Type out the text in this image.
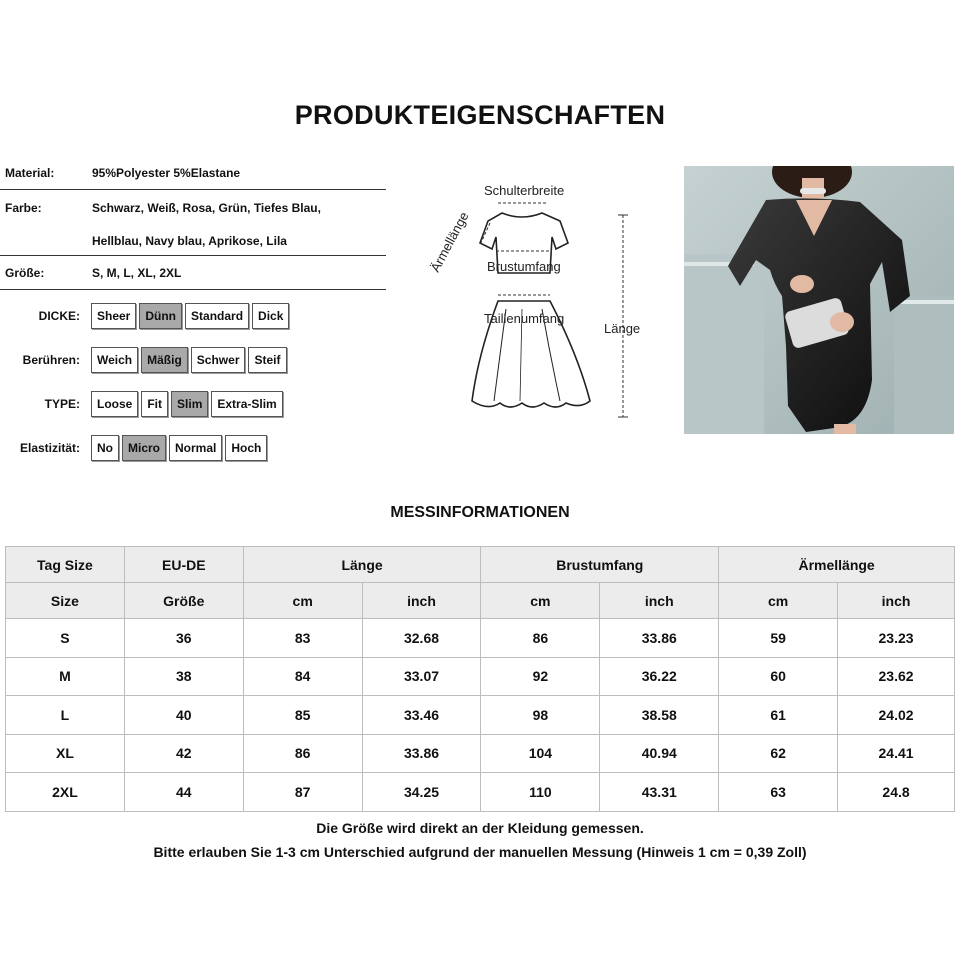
PRODUKTEIGENSCHAFTEN
Material:	95%Polyester 5%Elastane
Farbe:	Schwarz, Weiß, Rosa, Grün, Tiefes Blau,
Hellblau, Navy blau, Aprikose, Lila
Größe:	S, M, L, XL, 2XL
DICKE:	Sheer	Dünn	Standard	Dick
Berühren:	Weich	Mäßig	Schwer	Steif
TYPE:	Loose	Fit	Slim	Extra-Slim
Elastizität:	No	Micro	Normal	Hoch
Schulterbreite
Brustumfang
Taillenumfang
Länge
Ärmellänge
MESSINFORMATIONEN
Tag Size	EU-DE	Länge		Brustumfang		Ärmellänge	
Size	Größe	cm	inch	cm	inch	cm	inch
S	36	83	32.68	86	33.86	59	23.23
M	38	84	33.07	92	36.22	60	23.62
L	40	85	33.46	98	38.58	61	24.02
XL	42	86	33.86	104	40.94	62	24.41
2XL	44	87	34.25	110	43.31	63	24.8
Die Größe wird direkt an der Kleidung gemessen.
Bitte erlauben Sie 1-3 cm Unterschied aufgrund der manuellen Messung (Hinweis 1 cm = 0,39 Zoll)
